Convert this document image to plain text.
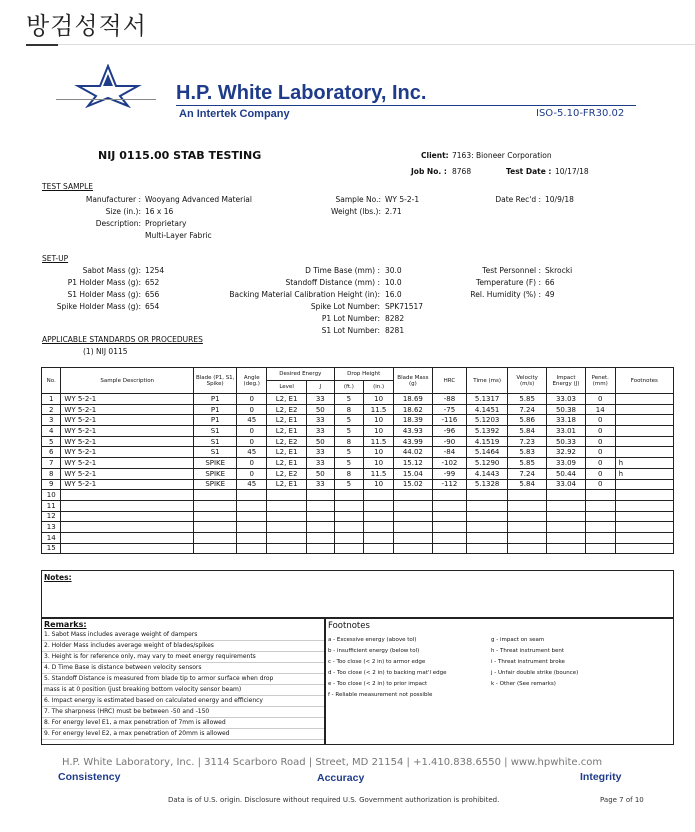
방검성적서
H.P. White Laboratory, Inc.
An Intertek Company	ISO-5.10-FR30.02
NIJ 0115.00 STAB TESTING	Client: 7163: Bioneer Corporation
Job No. : 8768	Test Date : 10/17/18
TEST SAMPLE
Manufacturer : Wooyang Advanced Material
Size (in.): 16 x 16
Description: Proprietary
Multi-Layer Fabric
Sample No.: WY 5-2-1
Weight (lbs.): 2.71
Date Rec'd : 10/9/18
SET-UP
Sabot Mass (g): 1254
P1 Holder Mass (g): 652
S1 Holder Mass (g): 656
Spike Holder Mass (g): 654
D Time Base (mm) : 30.0
Standoff Distance (mm) : 10.0
Backing Material Calibration Height (in): 16.0
Spike Lot Number: SPK71517
P1 Lot Number: 8282
S1 Lot Number: 8281
Test Personnel : Skrocki
Temperature (F) : 66
Rel. Humidity (%) : 49
APPLICABLE STANDARDS OR PROCEDURES
(1) NIJ 0115
No.	Sample Description	Blade (P1, S1, Spike)	Angle (deg.)	Desired Energy		Drop Height		Blade Mass (g)	HRC	Time (ms)	Velocity (m/s)	Impact Energy (J)	Penet. (mm)	Footnotes
				Level	J	(ft.)	(in.)							
1	WY 5-2-1	P1	0	L2, E1	33	5	10	18.69	-88	5.1317	5.85	33.03	0	
2	WY 5-2-1	P1	0	L2, E2	50	8	11.5	18.62	-75	4.1451	7.24	50.38	14	
3	WY 5-2-1	P1	45	L2, E1	33	5	10	18.39	-116	5.1203	5.86	33.18	0	
4	WY 5-2-1	S1	0	L2, E1	33	5	10	43.93	-96	5.1392	5.84	33.01	0	
5	WY 5-2-1	S1	0	L2, E2	50	8	11.5	43.99	-90	4.1519	7.23	50.33	0	
6	WY 5-2-1	S1	45	L2, E1	33	5	10	44.02	-84	5.1464	5.83	32.92	0	
7	WY 5-2-1	SPIKE	0	L2, E1	33	5	10	15.12	-102	5.1290	5.85	33.09	0	h
8	WY 5-2-1	SPIKE	0	L2, E2	50	8	11.5	15.04	-99	4.1443	7.24	50.44	0	h
9	WY 5-2-1	SPIKE	45	L2, E1	33	5	10	15.02	-112	5.1328	5.84	33.04	0	
10														
11														
12														
13														
14														
15														
Notes:
Remarks:
1. Sabot Mass includes average weight of dampers
2. Holder Mass includes average weight of blades/spikes
3. Height is for reference only, may vary to meet energy requirements
4. D Time Base is distance between velocity sensors
5. Standoff Distance is measured from blade tip to armor surface when drop
mass is at 0 position (just breaking bottom velocity sensor beam)
6. Impact energy is estimated based on calculated energy and efficiency
7. The sharpness (HRC) must be between -50 and -150
8. For energy level E1, a max penetration of 7mm is allowed
9. For energy level E2, a max penetration of 20mm is allowed
Footnotes
a - Excessive energy (above tol)
b - insufficient energy (below tol)
c - Too close (< 2 in) to armor edge
d - Too close (< 2 in) to backing mat'l edge
e - Too close (< 2 in) to prior impact
f - Reliable measurement not possible
g - impact on seam
h - Threat instrument bent
i - Threat instrument broke
j - Unfair double strike (bounce)
k - Other (See remarks)
H.P. White Laboratory, Inc. | 3114 Scarboro Road | Street, MD 21154 | +1.410.838.6550 | www.hpwhite.com
Consistency	Accuracy	Integrity
Data is of U.S. origin. Disclosure without required U.S. Government authorization is prohibited.	Page 7 of 10
